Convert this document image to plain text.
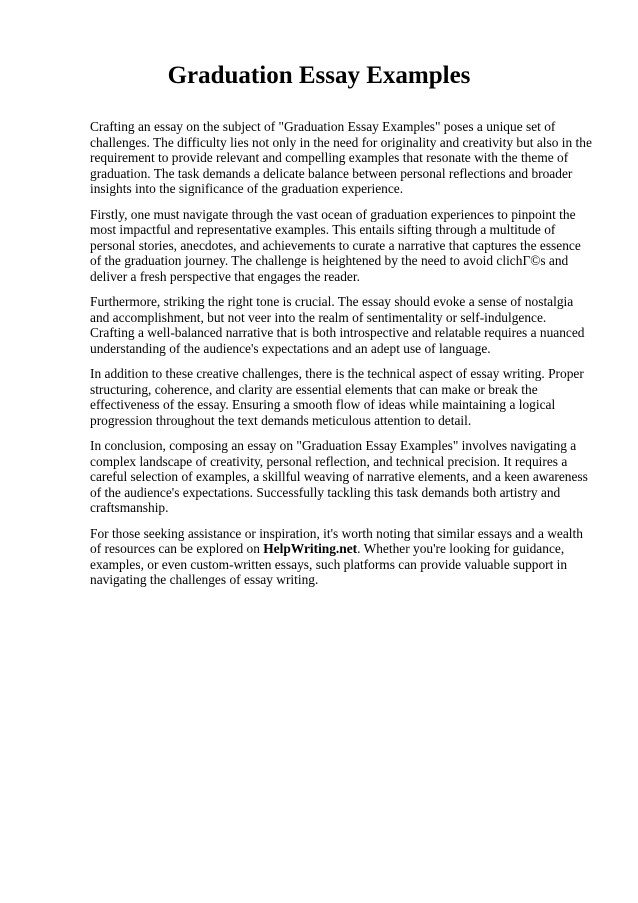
Graduation Essay Examples

Crafting an essay on the subject of "Graduation Essay Examples" poses a unique set of challenges. The difficulty lies not only in the need for originality and creativity but also in the requirement to provide relevant and compelling examples that resonate with the theme of graduation. The task demands a delicate balance between personal reflections and broader insights into the significance of the graduation experience.

Firstly, one must navigate through the vast ocean of graduation experiences to pinpoint the most impactful and representative examples. This entails sifting through a multitude of personal stories, anecdotes, and achievements to curate a narrative that captures the essence of the graduation journey. The challenge is heightened by the need to avoid clichΓ©s and deliver a fresh perspective that engages the reader.

Furthermore, striking the right tone is crucial. The essay should evoke a sense of nostalgia and accomplishment, but not veer into the realm of sentimentality or self-indulgence. Crafting a well-balanced narrative that is both introspective and relatable requires a nuanced understanding of the audience's expectations and an adept use of language.

In addition to these creative challenges, there is the technical aspect of essay writing. Proper structuring, coherence, and clarity are essential elements that can make or break the effectiveness of the essay. Ensuring a smooth flow of ideas while maintaining a logical progression throughout the text demands meticulous attention to detail.

In conclusion, composing an essay on "Graduation Essay Examples" involves navigating a complex landscape of creativity, personal reflection, and technical precision. It requires a careful selection of examples, a skillful weaving of narrative elements, and a keen awareness of the audience's expectations. Successfully tackling this task demands both artistry and craftsmanship.

For those seeking assistance or inspiration, it's worth noting that similar essays and a wealth of resources can be explored on HelpWriting.net. Whether you're looking for guidance, examples, or even custom-written essays, such platforms can provide valuable support in navigating the challenges of essay writing.
